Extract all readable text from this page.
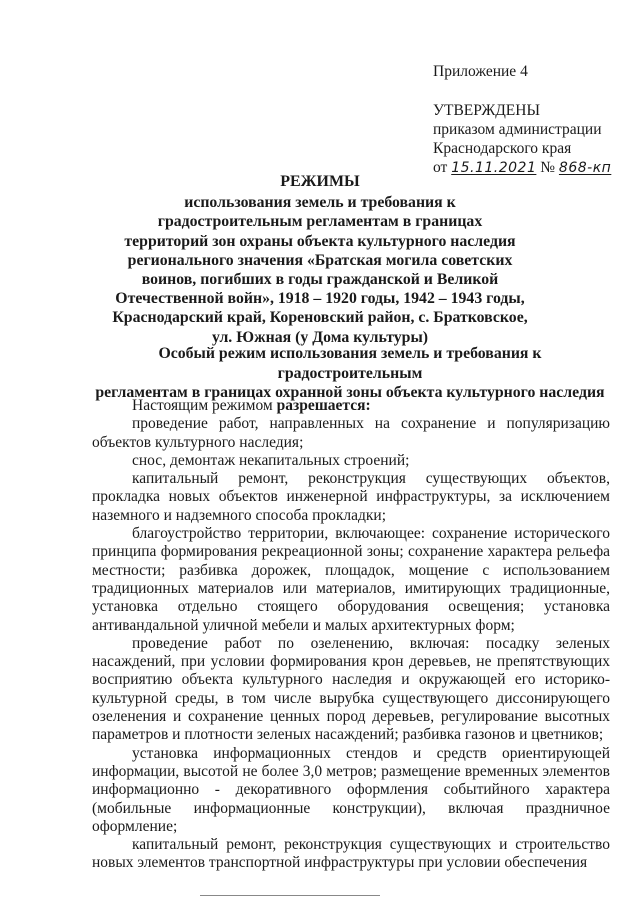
Приложение 4
УТВЕРЖДЕНЫ
приказом администрации
Краснодарского края
от 15.11.2021 № 868-кп
РЕЖИМЫ
использования земель и требования к
градостроительным регламентам в границах
территорий зон охраны объекта культурного наследия
регионального значения «Братская могила советских
воинов, погибших в годы гражданской и Великой
Отечественной войн», 1918 – 1920 годы, 1942 – 1943 годы,
Краснодарский край, Кореновский район, с. Братковское,
ул. Южная (у Дома культуры)
Особый режим использования земель и требования к градостроительным
регламентам в границах охранной зоны объекта культурного наследия

Настоящим режимом разрешается:

проведение работ, направленных на сохранение и популяризацию объектов культурного наследия;

снос, демонтаж некапитальных строений;

капитальный ремонт, реконструкция существующих объектов, прокладка новых объектов инженерной инфраструктуры, за исключением наземного и надземного способа прокладки;

благоустройство территории, включающее: сохранение исторического принципа формирования рекреационной зоны; сохранение характера рельефа местности; разбивка дорожек, площадок, мощение с использованием традиционных материалов или материалов, имитирующих традиционные, установка отдельно стоящего оборудования освещения; установка антивандальной уличной мебели и малых архитектурных форм;

проведение работ по озеленению, включая: посадку зеленых насаждений, при условии формирования крон деревьев, не препятствующих восприятию объекта культурного наследия и окружающей его историко-культурной среды, в том числе вырубка существующего диссонирующего озеленения и сохранение ценных пород деревьев, регулирование высотных параметров и плотности зеленых насаждений; разбивка газонов и цветников;

установка информационных стендов и средств ориентирующей информации, высотой не более 3,0 метров; размещение временных элементов информационно - декоративного оформления событийного характера (мобильные информационные конструкции), включая праздничное оформление;

капитальный ремонт, реконструкция существующих и строительство новых элементов транспортной инфраструктуры при условии обеспечения
